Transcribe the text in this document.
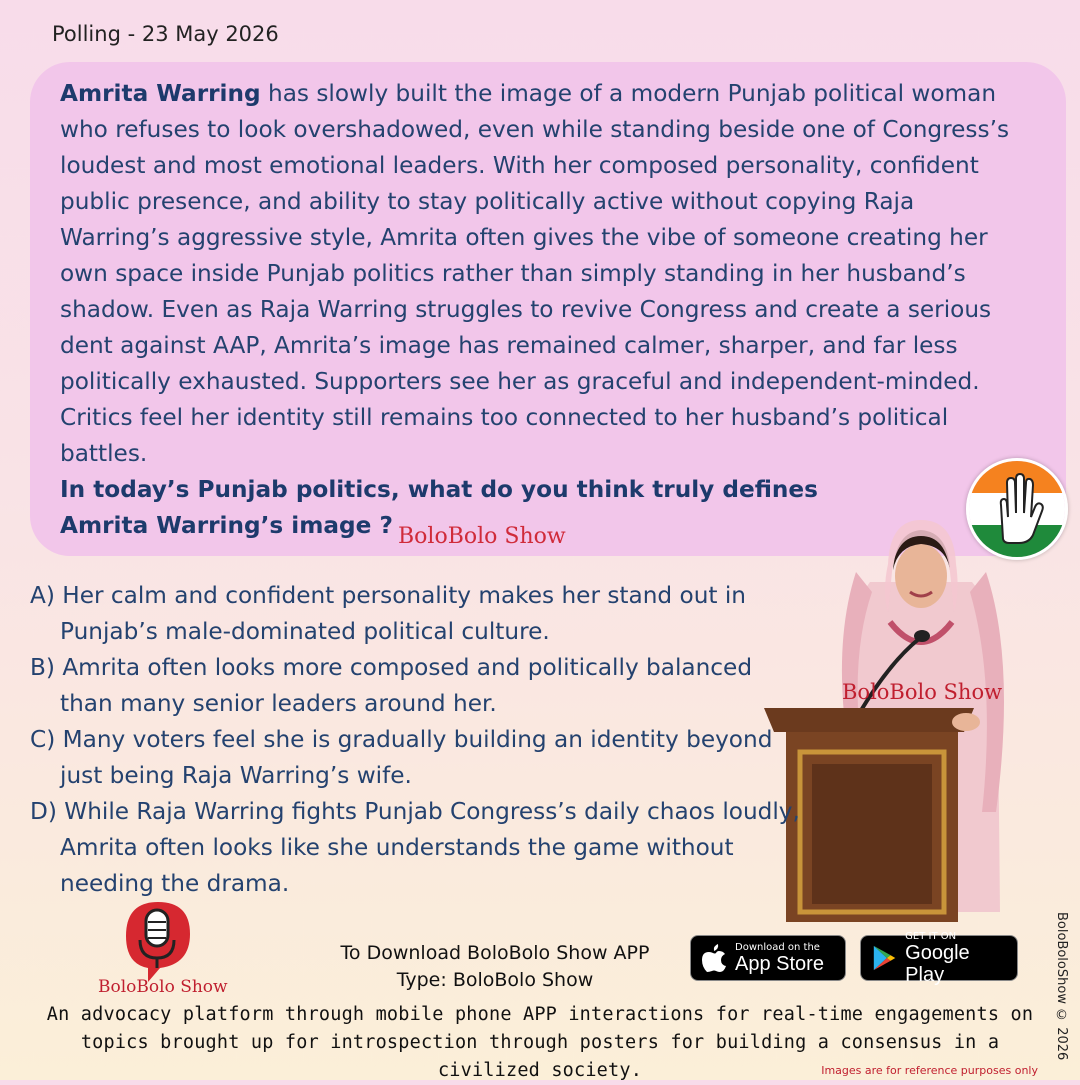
Polling - 23 May 2026

Amrita Warring has slowly built the image of a modern Punjab political woman who refuses to look overshadowed, even while standing beside one of Congress’s loudest and most emotional leaders. With her composed personality, confident public presence, and ability to stay politically active without copying Raja Warring’s aggressive style, Amrita often gives the vibe of someone creating her own space inside Punjab politics rather than simply standing in her husband’s shadow. Even as Raja Warring struggles to revive Congress and create a serious dent against AAP, Amrita’s image has remained calmer, sharper, and far less politically exhausted. Supporters see her as graceful and independent-minded. Critics feel her identity still remains too connected to her husband’s political battles.

In today’s Punjab politics, what do you think truly defines Amrita Warring’s image ? BoloBolo Show
BoloBolo Show
A) Her calm and confident personality makes her stand out in Punjab’s male-dominated political culture.
B) Amrita often looks more composed and politically balanced than many senior leaders around her.
C) Many voters feel she is gradually building an identity beyond just being Raja Warring’s wife.
D) While Raja Warring fights Punjab Congress’s daily chaos loudly, Amrita often looks like she understands the game without needing the drama.
BoloBolo Show
To Download BoloBolo Show APP
Type: BoloBolo Show
Download on the
App Store
GET IT ON
Google Play
An advocacy platform through mobile phone APP interactions for real-time engagements on topics brought up for introspection through posters for building a consensus in a civilized society.
BoloBoloShow © 2026
Images are for reference purposes only
